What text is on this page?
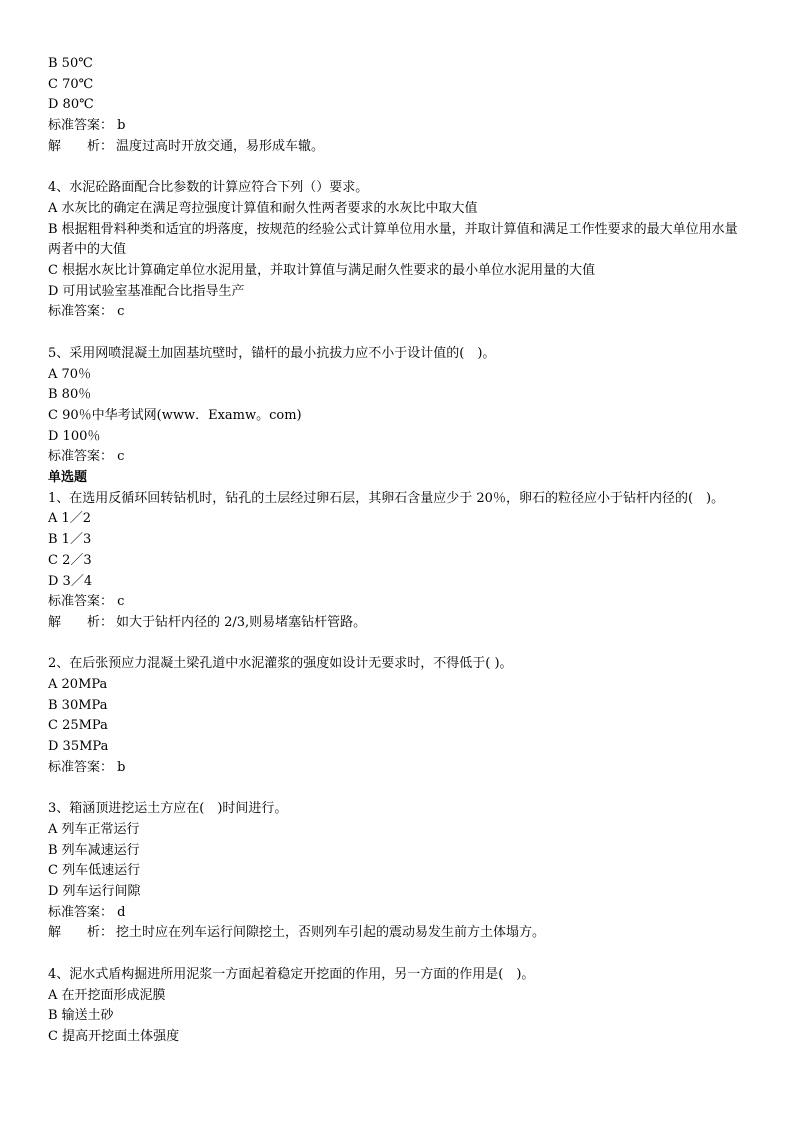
B 50℃
C 70℃
D 80℃
标准答案： b
解　　析： 温度过高时开放交通，易形成车辙。
4、水泥砼路面配合比参数的计算应符合下列（）要求。
A 水灰比的确定在满足弯拉强度计算值和耐久性两者要求的水灰比中取大值
B 根据粗骨料种类和适宜的坍落度，按规范的经验公式计算单位用水量，并取计算值和满足工作性要求的最大单位用水量两者中的大值
C 根据水灰比计算确定单位水泥用量，并取计算值与满足耐久性要求的最小单位水泥用量的大值
D 可用试验室基准配合比指导生产
标准答案： c
5、采用网喷混凝土加固基坑壁时，锚杆的最小抗拔力应不小于设计值的(　)。
A 70％
B 80％
C 90％中华考试网(www．Examw。com)
D 100％
标准答案： c
单选题
1、在选用反循环回转钻机时，钻孔的土层经过卵石层，其卵石含量应少于 20％，卵石的粒径应小于钻杆内径的(　)。
A 1／2
B 1／3
C 2／3
D 3／4
标准答案： c
解　　析： 如大于钻杆内径的 2/3,则易堵塞钻杆管路。
2、在后张预应力混凝土梁孔道中水泥灌浆的强度如设计无要求时，不得低于( )。
A 20MPa
B 30MPa
C 25MPa
D 35MPa
标准答案： b
3、箱涵顶进挖运土方应在(　)时间进行。
A 列车正常运行
B 列车减速运行
C 列车低速运行
D 列车运行间隙
标准答案： d
解　　析： 挖土时应在列车运行间隙挖土，否则列车引起的震动易发生前方土体塌方。
4、泥水式盾构掘进所用泥浆一方面起着稳定开挖面的作用，另一方面的作用是(　)。
A 在开挖面形成泥膜
B 输送土砂
C 提高开挖面土体强度
